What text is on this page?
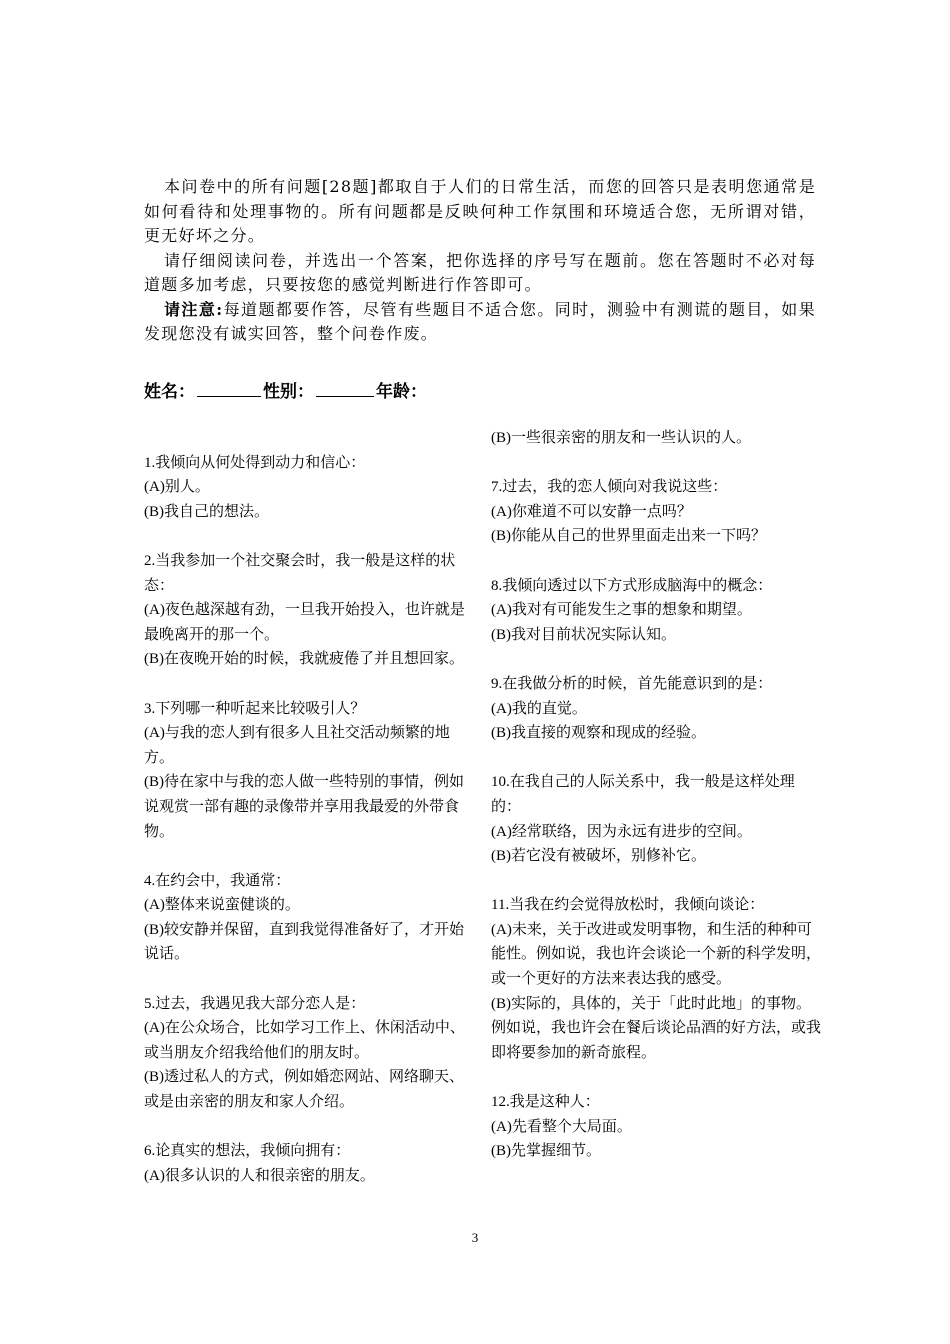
本问卷中的所有问题[28题]都取自于人们的日常生活，而您的回答只是表明您通常是如何看待和处理事物的。所有问题都是反映何种工作氛围和环境适合您，无所谓对错，更无好坏之分。

请仔细阅读问卷，并选出一个答案，把你选择的序号写在题前。您在答题时不必对每道题多加考虑，只要按您的感觉判断进行作答即可。

请注意:每道题都要作答，尽管有些题目不适合您。同时，测验中有测谎的题目，如果发现您没有诚实回答，整个问卷作废。

姓名：	性别：	年龄：
1.我倾向从何处得到动力和信心：
(A)别人。
(B)我自己的想法。
2.当我参加一个社交聚会时，我一般是这样的状态：
(A)夜色越深越有劲，一旦我开始投入，也许就是最晚离开的那一个。
(B)在夜晚开始的时候，我就疲倦了并且想回家。
3.下列哪一种听起来比较吸引人？
(A)与我的恋人到有很多人且社交活动频繁的地方。
(B)待在家中与我的恋人做一些特别的事情，例如说观赏一部有趣的录像带并享用我最爱的外带食物。
4.在约会中，我通常：
(A)整体来说蛮健谈的。
(B)较安静并保留，直到我觉得准备好了，才开始说话。
5.过去，我遇见我大部分恋人是：
(A)在公众场合，比如学习工作上、休闲活动中、或当朋友介绍我给他们的朋友时。
(B)透过私人的方式，例如婚恋网站、网络聊天、或是由亲密的朋友和家人介绍。
6.论真实的想法，我倾向拥有：
(A)很多认识的人和很亲密的朋友。
(B)一些很亲密的朋友和一些认识的人。
7.过去，我的恋人倾向对我说这些：
(A)你难道不可以安静一点吗？
(B)你能从自己的世界里面走出来一下吗？
8.我倾向透过以下方式形成脑海中的概念：
(A)我对有可能发生之事的想象和期望。
(B)我对目前状况实际认知。
9.在我做分析的时候，首先能意识到的是：
(A)我的直觉。
(B)我直接的观察和现成的经验。
10.在我自己的人际关系中，我一般是这样处理的：
(A)经常联络，因为永远有进步的空间。
(B)若它没有被破坏，别修补它。
11.当我在约会觉得放松时，我倾向谈论：
(A)未来，关于改进或发明事物，和生活的种种可能性。例如说，我也许会谈论一个新的科学发明，或一个更好的方法来表达我的感受。
(B)实际的，具体的，关于「此时此地」的事物。例如说，我也许会在餐后谈论品酒的好方法，或我即将要参加的新奇旅程。
12.我是这种人：
(A)先看整个大局面。
(B)先掌握细节。
3
